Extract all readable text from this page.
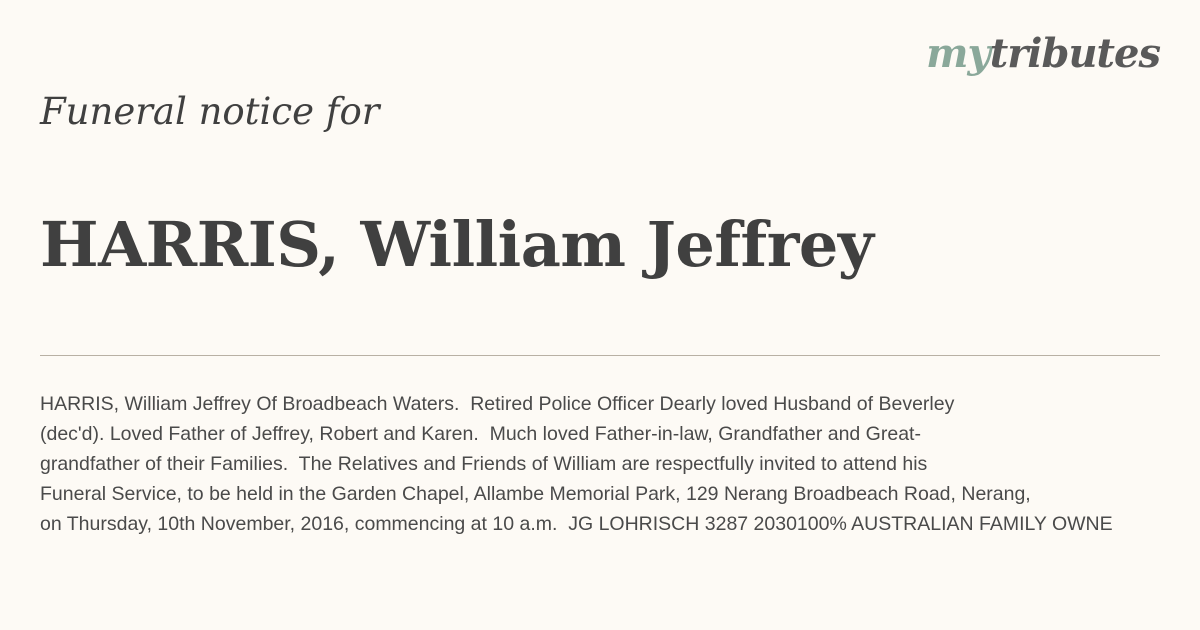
mytributes
Funeral notice for
HARRIS, William Jeffrey
HARRIS, William Jeffrey Of Broadbeach Waters.  Retired Police Officer Dearly loved Husband of Beverley
(dec'd). Loved Father of Jeffrey, Robert and Karen.  Much loved Father-in-law, Grandfather and Great-
grandfather of their Families.  The Relatives and Friends of William are respectfully invited to attend his
Funeral Service, to be held in the Garden Chapel, Allambe Memorial Park, 129 Nerang Broadbeach Road, Nerang,
on Thursday, 10th November, 2016, commencing at 10 a.m.  JG LOHRISCH 3287 2030100% AUSTRALIAN FAMILY OWNE
